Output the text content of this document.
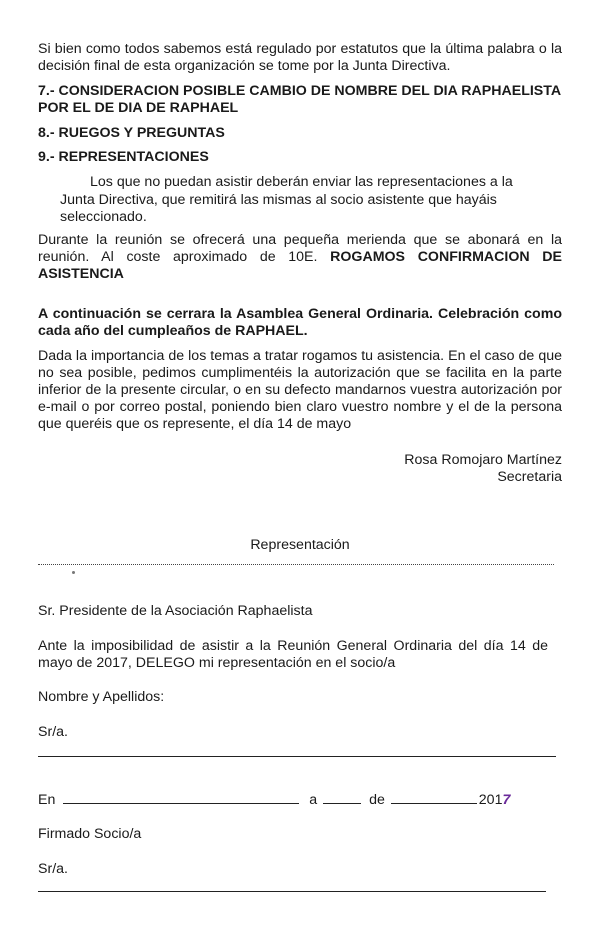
Si bien como todos sabemos está regulado por estatutos que la última palabra o la decisión final de esta organización se tome por la Junta Directiva.

7.- CONSIDERACION POSIBLE CAMBIO DE NOMBRE DEL DIA RAPHAELISTA POR EL DE DIA DE RAPHAEL

8.- RUEGOS Y PREGUNTAS

9.- REPRESENTACIONES

Los que no puedan asistir deberán enviar las representaciones a la Junta Directiva, que remitirá las mismas al socio asistente que hayáis seleccionado.

Durante la reunión se ofrecerá una pequeña merienda que se abonará en la reunión. Al coste aproximado de 10E. ROGAMOS CONFIRMACION DE ASISTENCIA

A continuación se cerrara la Asamblea General Ordinaria. Celebración como cada año del cumpleaños de RAPHAEL.

Dada la importancia de los temas a tratar rogamos tu asistencia. En el caso de que no sea posible, pedimos cumplimentéis la autorización que se facilita en la parte inferior de la presente circular, o en su defecto mandarnos vuestra autorización por e-mail o por correo postal, poniendo bien claro vuestro nombre y el de la persona que queréis que os represente, el día 14 de mayo

Rosa Romojaro Martínez
Secretaria
Representación

Sr. Presidente de la Asociación Raphaelista

Ante la imposibilidad de asistir a la Reunión General Ordinaria del día 14 de mayo de 2017, DELEGO mi representación en el socio/a

Nombre y Apellidos:

Sr/a.

En	a	de	2017

Firmado Socio/a

Sr/a.
